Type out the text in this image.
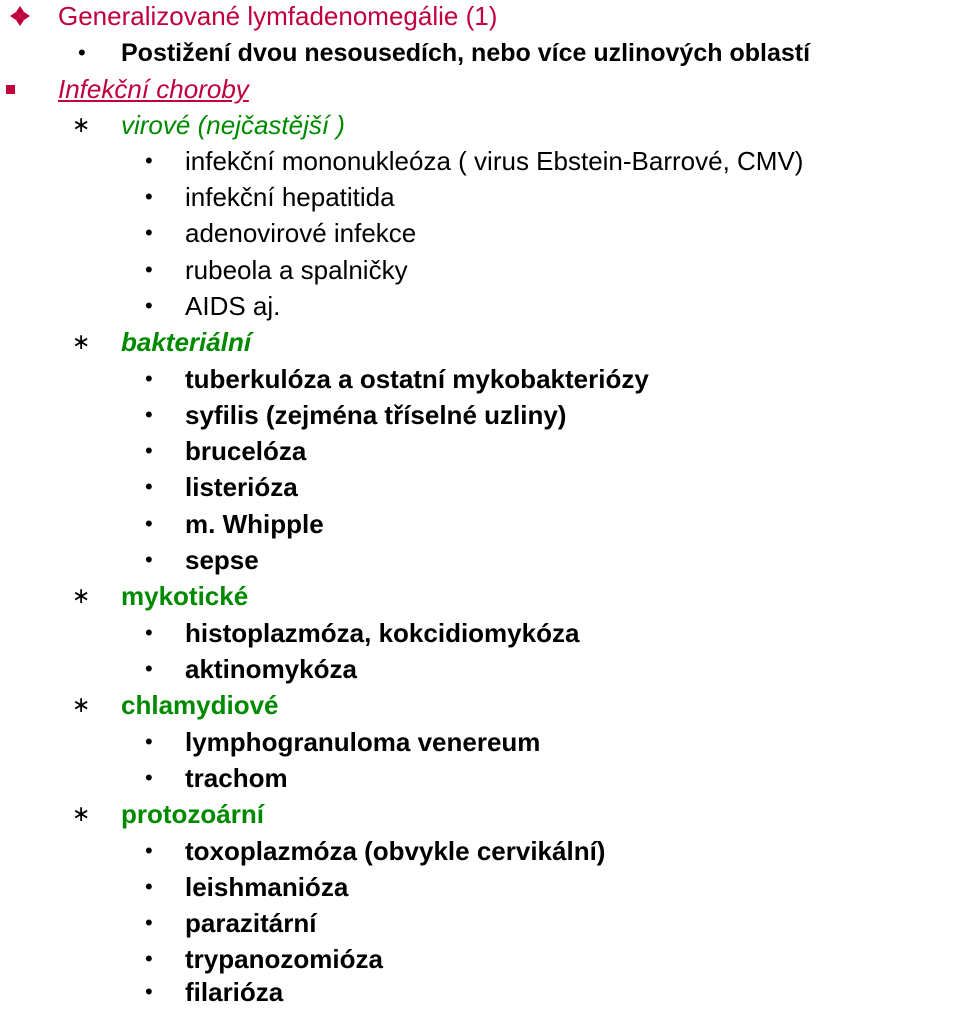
Generalizované lymfadenomegálie (1)
• Postižení dvou nesousedích, nebo více uzlinových oblastí
Infekční choroby
∗ virové (nejčastější )
• infekční mononukleóza ( virus Ebstein-Barrové, CMV)
• infekční hepatitida
• adenovirové infekce
• rubeola a spalničky
• AIDS aj.
∗ bakteriální
• tuberkulóza a ostatní mykobakteriózy
• syfilis (zejména tříselné uzliny)
• brucelóza
• listerióza
• m. Whipple
• sepse
∗ mykotické
• histoplazmóza, kokcidiomykóza
• aktinomykóza
∗ chlamydiové
• lymphogranuloma venereum
• trachom
∗ protozoární
• toxoplazmóza (obvykle cervikální)
• leishmanióza
• parazitární
• trypanozomióza
• filarióza
